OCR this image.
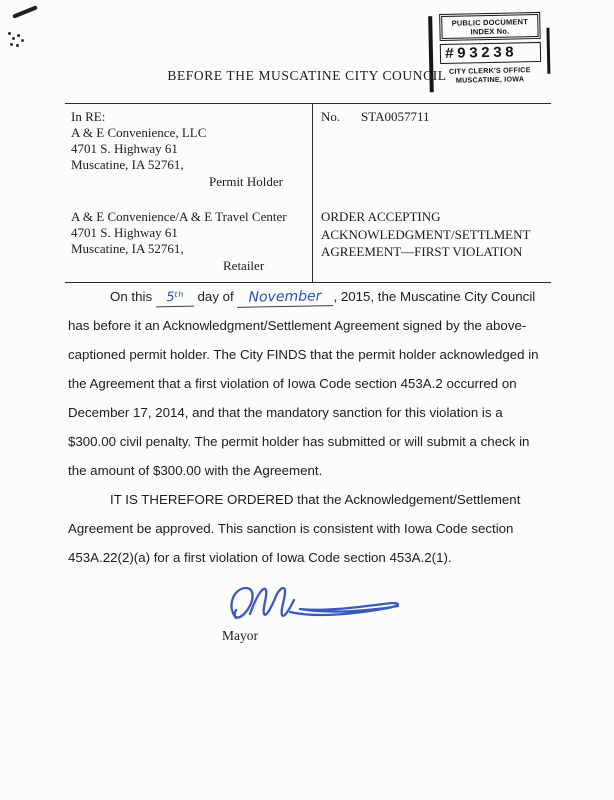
PUBLIC DOCUMENT
INDEX No.
#93238
CITY CLERK'S OFFICE
MUSCATINE, IOWA
BEFORE THE MUSCATINE CITY COUNCIL
In RE:
A & E Convenience, LLC
4701 S. Highway 61
Muscatine, IA 52761,
Permit Holder
A & E Convenience/A & E Travel Center
4701 S. Highway 61
Muscatine, IA 52761,
Retailer
No.	STA0057711
ORDER ACCEPTING
ACKNOWLEDGMENT/SETTLMENT
AGREEMENT—FIRST VIOLATION

On this 5ᵗʰ day of November , 2015, the Muscatine City Council has before it an Acknowledgment/Settlement Agreement signed by the above-captioned permit holder. The City FINDS that the permit holder acknowledged in the Agreement that a first violation of Iowa Code section 453A.2 occurred on December 17, 2014, and that the mandatory sanction for this violation is a $300.00 civil penalty. The permit holder has submitted or will submit a check in the amount of $300.00 with the Agreement.

IT IS THEREFORE ORDERED that the Acknowledgement/Settlement Agreement be approved. This sanction is consistent with Iowa Code section 453A.22(2)(a) for a first violation of Iowa Code section 453A.2(1).

Mayor
